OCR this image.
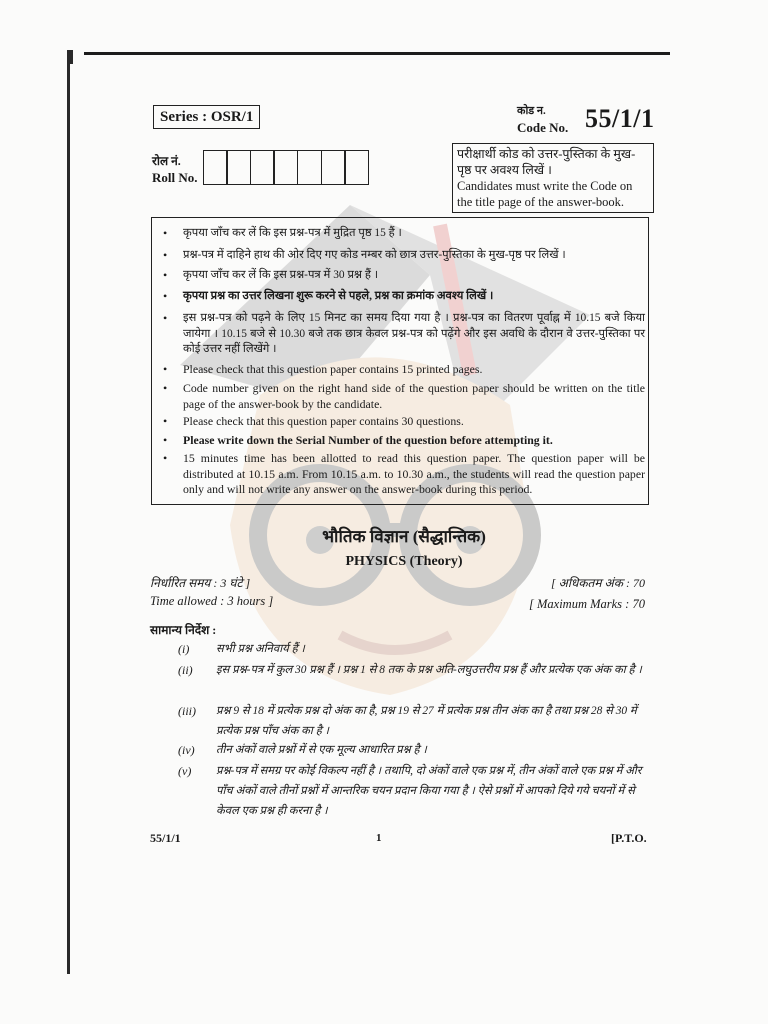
Series : OSR/1	कोड न.
Code No. 55/1/1
रोल नं.
Roll No.
परीक्षार्थी कोड को उत्तर-पुस्तिका के मुख-पृष्ठ पर अवश्य लिखें ।
Candidates must write the Code on the title page of the answer-book.
• कृपया जाँच कर लें कि इस प्रश्न-पत्र में मुद्रित पृष्ठ 15 हैं ।
• प्रश्न-पत्र में दाहिने हाथ की ओर दिए गए कोड नम्बर को छात्र उत्तर-पुस्तिका के मुख-पृष्ठ पर लिखें ।
• कृपया जाँच कर लें कि इस प्रश्न-पत्र में 30 प्रश्न हैं ।
• कृपया प्रश्न का उत्तर लिखना शुरू करने से पहले, प्रश्न का क्रमांक अवश्य लिखें ।
• इस प्रश्न-पत्र को पढ़ने के लिए 15 मिनट का समय दिया गया है । प्रश्न-पत्र का वितरण पूर्वाह्न में 10.15 बजे किया जायेगा । 10.15 बजे से 10.30 बजे तक छात्र केवल प्रश्न-पत्र को पढ़ेंगे और इस अवधि के दौरान वे उत्तर-पुस्तिका पर कोई उत्तर नहीं लिखेंगे ।
• Please check that this question paper contains 15 printed pages.
• Code number given on the right hand side of the question paper should be written on the title page of the answer-book by the candidate.
• Please check that this question paper contains 30 questions.
• Please write down the Serial Number of the question before attempting it.
• 15 minutes time has been allotted to read this question paper. The question paper will be distributed at 10.15 a.m. From 10.15 a.m. to 10.30 a.m., the students will read the question paper only and will not write any answer on the answer-book during this period.
भौतिक विज्ञान (सैद्धान्तिक)
PHYSICS (Theory)
निर्धारित समय : 3 घंटे ]
Time allowed : 3 hours ]
[ अधिकतम अंक : 70
[ Maximum Marks : 70
सामान्य निर्देश :
(i) सभी प्रश्न अनिवार्य हैं ।
(ii) इस प्रश्न-पत्र में कुल 30 प्रश्न हैं । प्रश्न 1 से 8 तक के प्रश्न अति-लघुउत्तरीय प्रश्न हैं और प्रत्येक एक अंक का है ।
(iii) प्रश्न 9 से 18 में प्रत्येक प्रश्न दो अंक का है, प्रश्न 19 से 27 में प्रत्येक प्रश्न तीन अंक का है तथा प्रश्न 28 से 30 में प्रत्येक प्रश्न पाँच अंक का है ।
(iv) तीन अंकों वाले प्रश्नों में से एक मूल्य आधारित प्रश्न है ।
(v) प्रश्न-पत्र में समग्र पर कोई विकल्प नहीं है । तथापि, दो अंकों वाले एक प्रश्न में, तीन अंकों वाले एक प्रश्न में और पाँच अंकों वाले तीनों प्रश्नों में आन्तरिक चयन प्रदान किया गया है । ऐसे प्रश्नों में आपको दिये गये चयनों में से केवल एक प्रश्न ही करना है ।
55/1/1	1	[P.T.O.
